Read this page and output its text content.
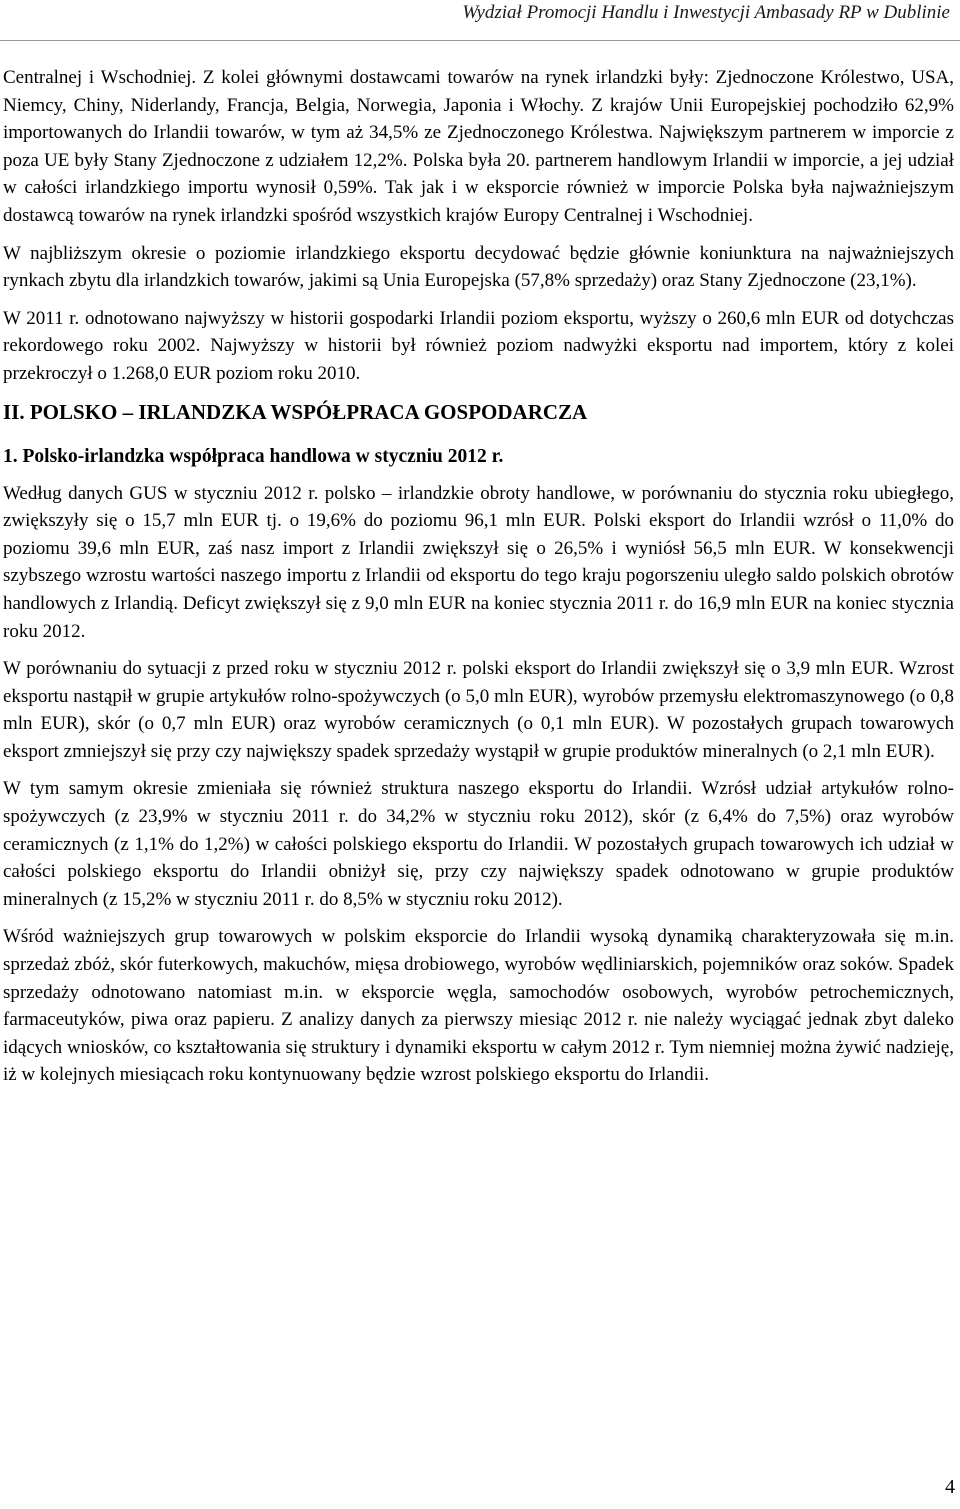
Wydział Promocji Handlu i Inwestycji Ambasady RP w Dublinie

Centralnej i Wschodniej. Z kolei głównymi dostawcami towarów na rynek irlandzki były: Zjednoczone Królestwo, USA, Niemcy, Chiny, Niderlandy, Francja, Belgia, Norwegia, Japonia i Włochy. Z krajów Unii Europejskiej pochodziło 62,9% importowanych do Irlandii towarów, w tym aż 34,5% ze Zjednoczonego Królestwa. Największym partnerem w imporcie z poza UE były Stany Zjednoczone z udziałem 12,2%. Polska była 20. partnerem handlowym Irlandii w imporcie, a jej udział w całości irlandzkiego importu wynosił 0,59%. Tak jak i w eksporcie również w imporcie Polska była najważniejszym dostawcą towarów na rynek irlandzki spośród wszystkich krajów Europy Centralnej i Wschodniej.

W najbliższym okresie o poziomie irlandzkiego eksportu decydować będzie głównie koniunktura na najważniejszych rynkach zbytu dla irlandzkich towarów, jakimi są Unia Europejska (57,8% sprzedaży) oraz Stany Zjednoczone (23,1%).

W 2011 r. odnotowano najwyższy w historii gospodarki Irlandii poziom eksportu, wyższy o 260,6 mln EUR od dotychczas rekordowego roku 2002. Najwyższy w historii był również poziom nadwyżki eksportu nad importem, który z kolei przekroczył o 1.268,0 EUR poziom roku 2010.

II. POLSKO – IRLANDZKA WSPÓŁPRACA GOSPODARCZA
1. Polsko-irlandzka współpraca handlowa w styczniu 2012 r.

Według danych GUS w styczniu 2012 r. polsko – irlandzkie obroty handlowe, w porównaniu do stycznia roku ubiegłego, zwiększyły się o 15,7 mln EUR tj. o 19,6% do poziomu 96,1 mln EUR. Polski eksport do Irlandii wzrósł o 11,0% do poziomu 39,6 mln EUR, zaś nasz import z Irlandii zwiększył się o 26,5% i wyniósł 56,5 mln EUR. W konsekwencji szybszego wzrostu wartości naszego importu z Irlandii od eksportu do tego kraju pogorszeniu uległo saldo polskich obrotów handlowych z Irlandią. Deficyt zwiększył się z 9,0 mln EUR na koniec stycznia 2011 r. do 16,9 mln EUR na koniec stycznia roku 2012.

W porównaniu do sytuacji z przed roku w styczniu 2012 r. polski eksport do Irlandii zwiększył się o 3,9 mln EUR. Wzrost eksportu nastąpił w grupie artykułów rolno-spożywczych (o 5,0 mln EUR), wyrobów przemysłu elektromaszynowego (o 0,8 mln EUR), skór (o 0,7 mln EUR) oraz wyrobów ceramicznych (o 0,1 mln EUR). W pozostałych grupach towarowych eksport zmniejszył się przy czy największy spadek sprzedaży wystąpił w grupie produktów mineralnych (o 2,1 mln EUR).

W tym samym okresie zmieniała się również struktura naszego eksportu do Irlandii. Wzrósł udział artykułów rolno-spożywczych (z 23,9% w styczniu 2011 r. do 34,2% w styczniu roku 2012), skór (z 6,4% do 7,5%) oraz wyrobów ceramicznych (z 1,1% do 1,2%) w całości polskiego eksportu do Irlandii. W pozostałych grupach towarowych ich udział w całości polskiego eksportu do Irlandii obniżył się, przy czy największy spadek odnotowano w grupie produktów mineralnych (z 15,2% w styczniu 2011 r. do 8,5% w styczniu roku 2012).

Wśród ważniejszych grup towarowych w polskim eksporcie do Irlandii wysoką dynamiką charakteryzowała się m.in. sprzedaż zbóż, skór futerkowych, makuchów, mięsa drobiowego, wyrobów wędliniarskich, pojemników oraz soków. Spadek sprzedaży odnotowano natomiast m.in. w eksporcie węgla, samochodów osobowych, wyrobów petrochemicznych, farmaceutyków, piwa oraz papieru. Z analizy danych za pierwszy miesiąc 2012 r. nie należy wyciągać jednak zbyt daleko idących wniosków, co kształtowania się struktury i dynamiki eksportu w całym 2012 r. Tym niemniej można żywić nadzieję, iż w kolejnych miesiącach roku kontynuowany będzie wzrost polskiego eksportu do Irlandii.

4
